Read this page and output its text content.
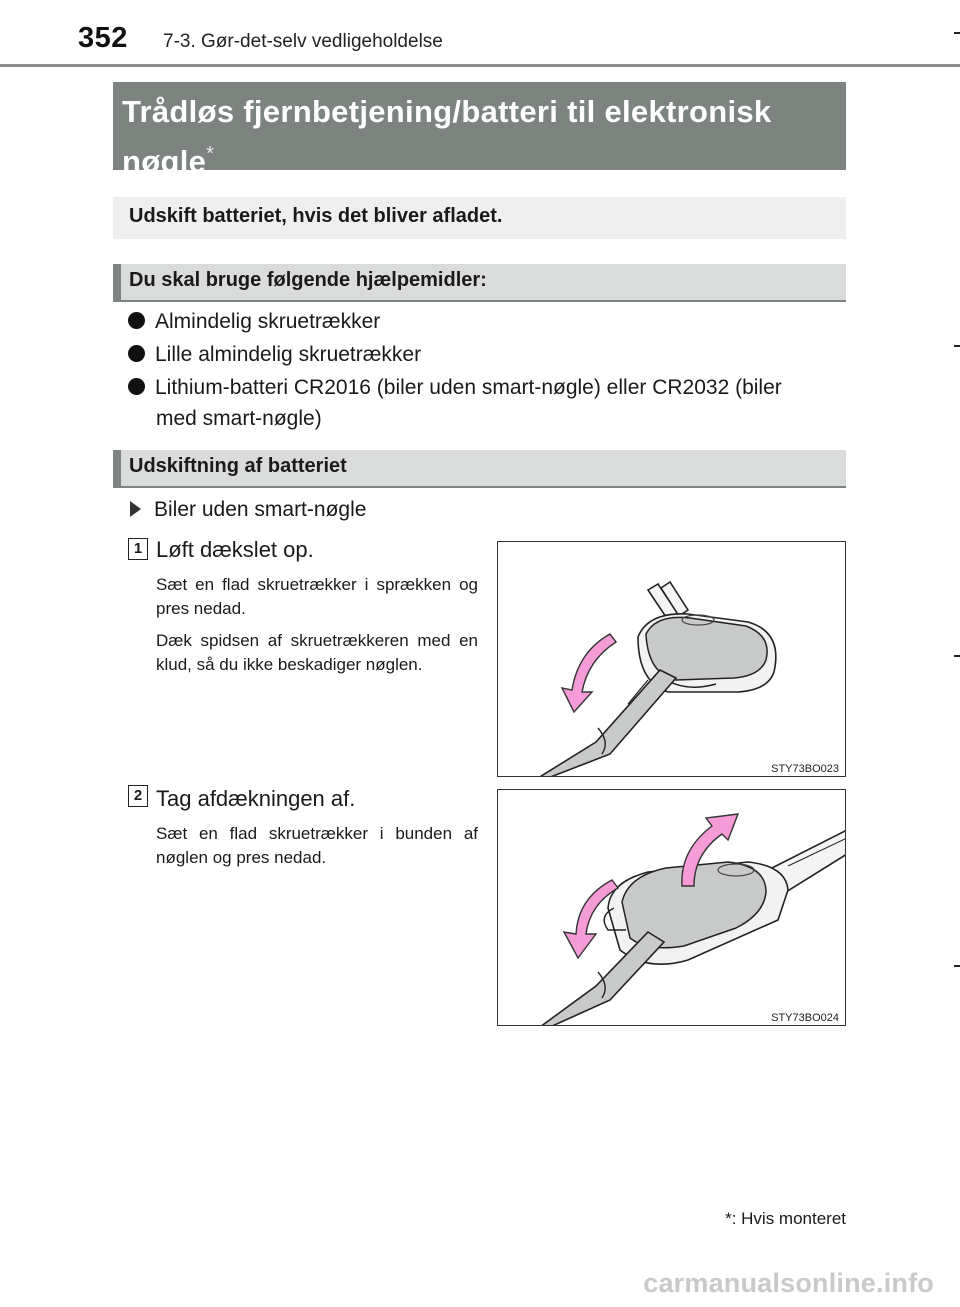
352 7-3. Gør-det-selv vedligeholdelse
Trådløs fjernbetjening/batteri til elektronisk
nøgle*
Udskift batteriet, hvis det bliver afladet.
Du skal bruge følgende hjælpemidler:
Almindelig skruetrækker
Lille almindelig skruetrækker
Lithium-batteri CR2016 (biler uden smart-nøgle) eller CR2032 (biler
med smart-nøgle)
Udskiftning af batteriet
Biler uden smart-nøgle
1 Løft dækslet op.
Sæt en flad skruetrækker i sprækken og pres nedad.
Dæk spidsen af skruetrækkeren med en klud, så du ikke beskadiger nøglen.
STY73BO023
2 Tag afdækningen af.
Sæt en flad skruetrækker i bunden af nøglen og pres nedad.
STY73BO024
*: Hvis monteret
carmanualsonline.info
